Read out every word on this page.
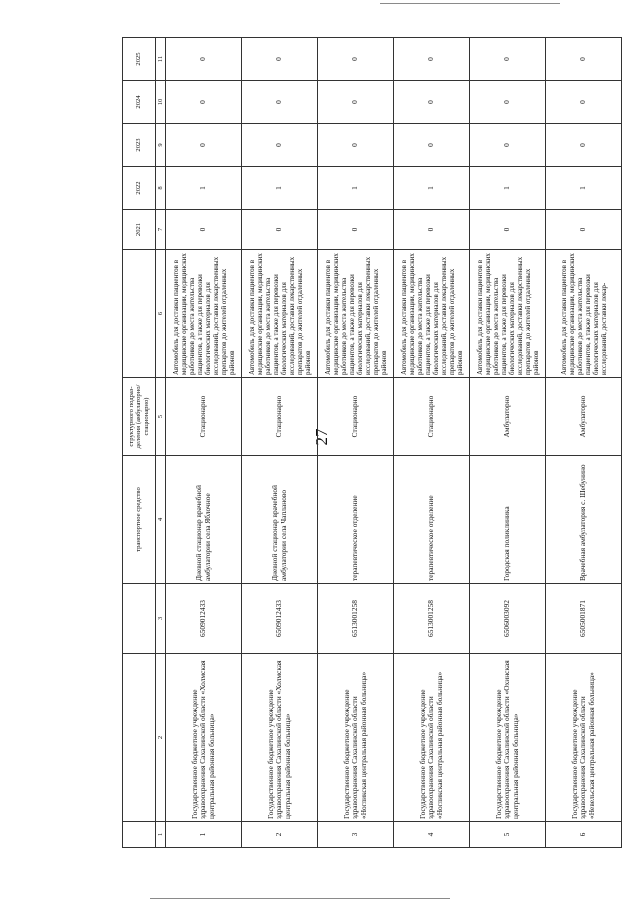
27
			транспортное средство	структурного подраз-деления (амбулаторно/стационарно)		2021	2022	2023	2024	2025
1	2	3	4	5	6	7	8	9	10	11
1	Государственное бюджетное учреждение здравоохранения Сахалинской области «Холмская центральная районная больница»	6509012433	Дневной стационар врачебной амбулатории села Яблочное	Стационарно	Автомобиль для доставки пациентов в медицинские организации, медицинских работников до места жительства пациентов, а также для перевозки биологических материалов для исследований, доставки лекарственных препаратов до жителей отдаленных районов	0	1	0	0	0
2	Государственное бюджетное учреждение здравоохранения Сахалинской области «Холмская центральная районная больница»	6509012433	Дневной стационар врачебной амбулатории села Чапланово	Стационарно	Автомобиль для доставки пациентов в медицинские организации, медицинских работников до места жительства пациентов, а также для перевозки биологических материалов для исследований, доставки лекарственных препаратов до жителей отдаленных районов	0	1	0	0	0
3	Государственное бюджетное учреждение здравоохранения Сахалинской области «Ногликская центральная районная больница»	6513001258	терапевтическое отделение	Стационарно	Автомобиль для доставки пациентов в медицинские организации, медицинских работников до места жительства пациентов, а также для перевозки биологических материалов для исследований, доставки лекарственных препаратов до жителей отдаленных районов	0	1	0	0	0
4	Государственное бюджетное учреждение здравоохранения Сахалинской области «Ногликская центральная районная больница»	6513001258	терапевтическое отделение	Стационарно	Автомобиль для доставки пациентов в медицинские организации, медицинских работников до места жительства пациентов, а также для перевозки биологических материалов для исследований, доставки лекарственных препаратов до жителей отдаленных районов	0	1	0	0	0
5	Государственное бюджетное учреждение здравоохранения Сахалинской области «Охинская центральная районная больница»	6506003092	Городская поликлиника	Амбулаторно	Автомобиль для доставки пациентов в медицинские организации, медицинских работников до места жительства пациентов, а также для перевозки биологических материалов для исследований, доставки лекарственных препаратов до жителей отдаленных районов	0	1	0	0	0
6	Государственное бюджетное учреждение здравоохранения Сахалинской области «Невельская центральная районная больница»	6505001871	Врачебная амбулатория с. Шебунино	Амбулаторно	Автомобиль для доставки пациентов в медицинские организации, медицинских работников до места жительства пациентов, а также для перевозки биологических материалов для исследований, доставки лекар-	0	1	0	0	0
